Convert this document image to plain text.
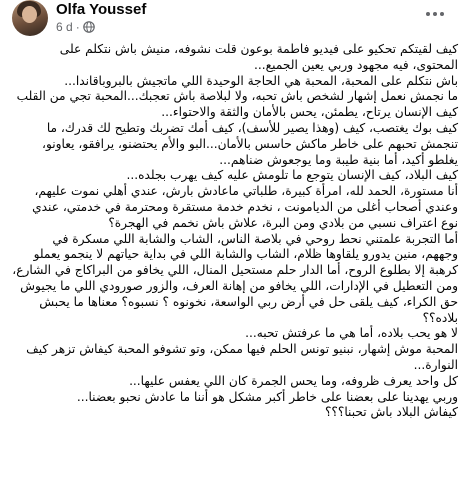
Olfa Youssef
6 d ·

كيف لقيتكم تحكيو على فيديو فاطمة بوعون قلت نشوفه، منيش باش نتكلم على المحتوى، فيه مجهود وربي يعين الجميع...

باش نتكلم على المحبة، المحبة هي الحاجة الوحيدة اللي ماتجيش بالبروباقاندا...
ما نجمش نعمل إشهار لشخص باش تحبه، ولا لبلاصة باش تعجبك...المحبة تجي من القلب كيف الإنسان يرتاح، يطمئن، يحس بالأمان والثقة والاحتواء...
كيف بوك يغتصب، كيف (وهذا يصير للأسف)، كيف أمك تضربك وتطيح لك قدرك، ما تنجمش تحبهم على خاطر ماكش حاسس بالأمان...البو والأم يحتضنو، يرافقو، يعاونو، يغلطو أكيد، أما بنية طيبة وما يوجعوش ضناهم...

كيف البلاد، كيف الإنسان يتوجع ما تلومش عليه كيف يهرب بجلده...
أنا مستورة، الحمد لله، امرأة كبيرة، طلباتي ماعادش بارش، عندي أهلي نموت عليهم، وعندي أصحاب أغلى من الديامونت ، نخدم خدمة مستقرة ومحترمة في خدمتي، عندي نوع اعتراف نسبي من بلادي ومن البرة، علاش باش نخمم في الهجرة؟
أما التجربة علمتني نحط روحي في بلاصة الناس، الشاب والشابة اللي مسكرة في وجههم، منين يدورو يلقاوها ظلام، الشاب والشابة اللي في بداية حياتهم لا ينجمو يعملو كرهبة إلا بطلوع الروح، أما الدار حلم مستحيل المنال، اللي يخافو من البراكاج في الشارع، ومن التعطيل في الإدارات، اللي يخافو من إهانة العرف، والزور صورودي اللي ما يجيوش حق الكراء، كيف يلقى حل في أرض ربي الواسعة، نخونوه ؟ نسبوه؟ معناها ما يحبش بلاده؟؟

لا هو يحب بلاده، أما هي ما عرفتش تحبه...
المحبة موش إشهار، نبنيو تونس الحلم فيها ممكن، وتو تشوفو المحبة كيفاش تزهر كيف النوارة...

كل واحد يعرف ظروفه، وما يحس الجمرة كان اللي يعفس عليها...
وربي يهدينا على بعضنا على خاطر أكبر مشكل هو أننا ما عادش نحبو بعضنا...
كيفاش البلاد باش تحبنا؟؟؟
